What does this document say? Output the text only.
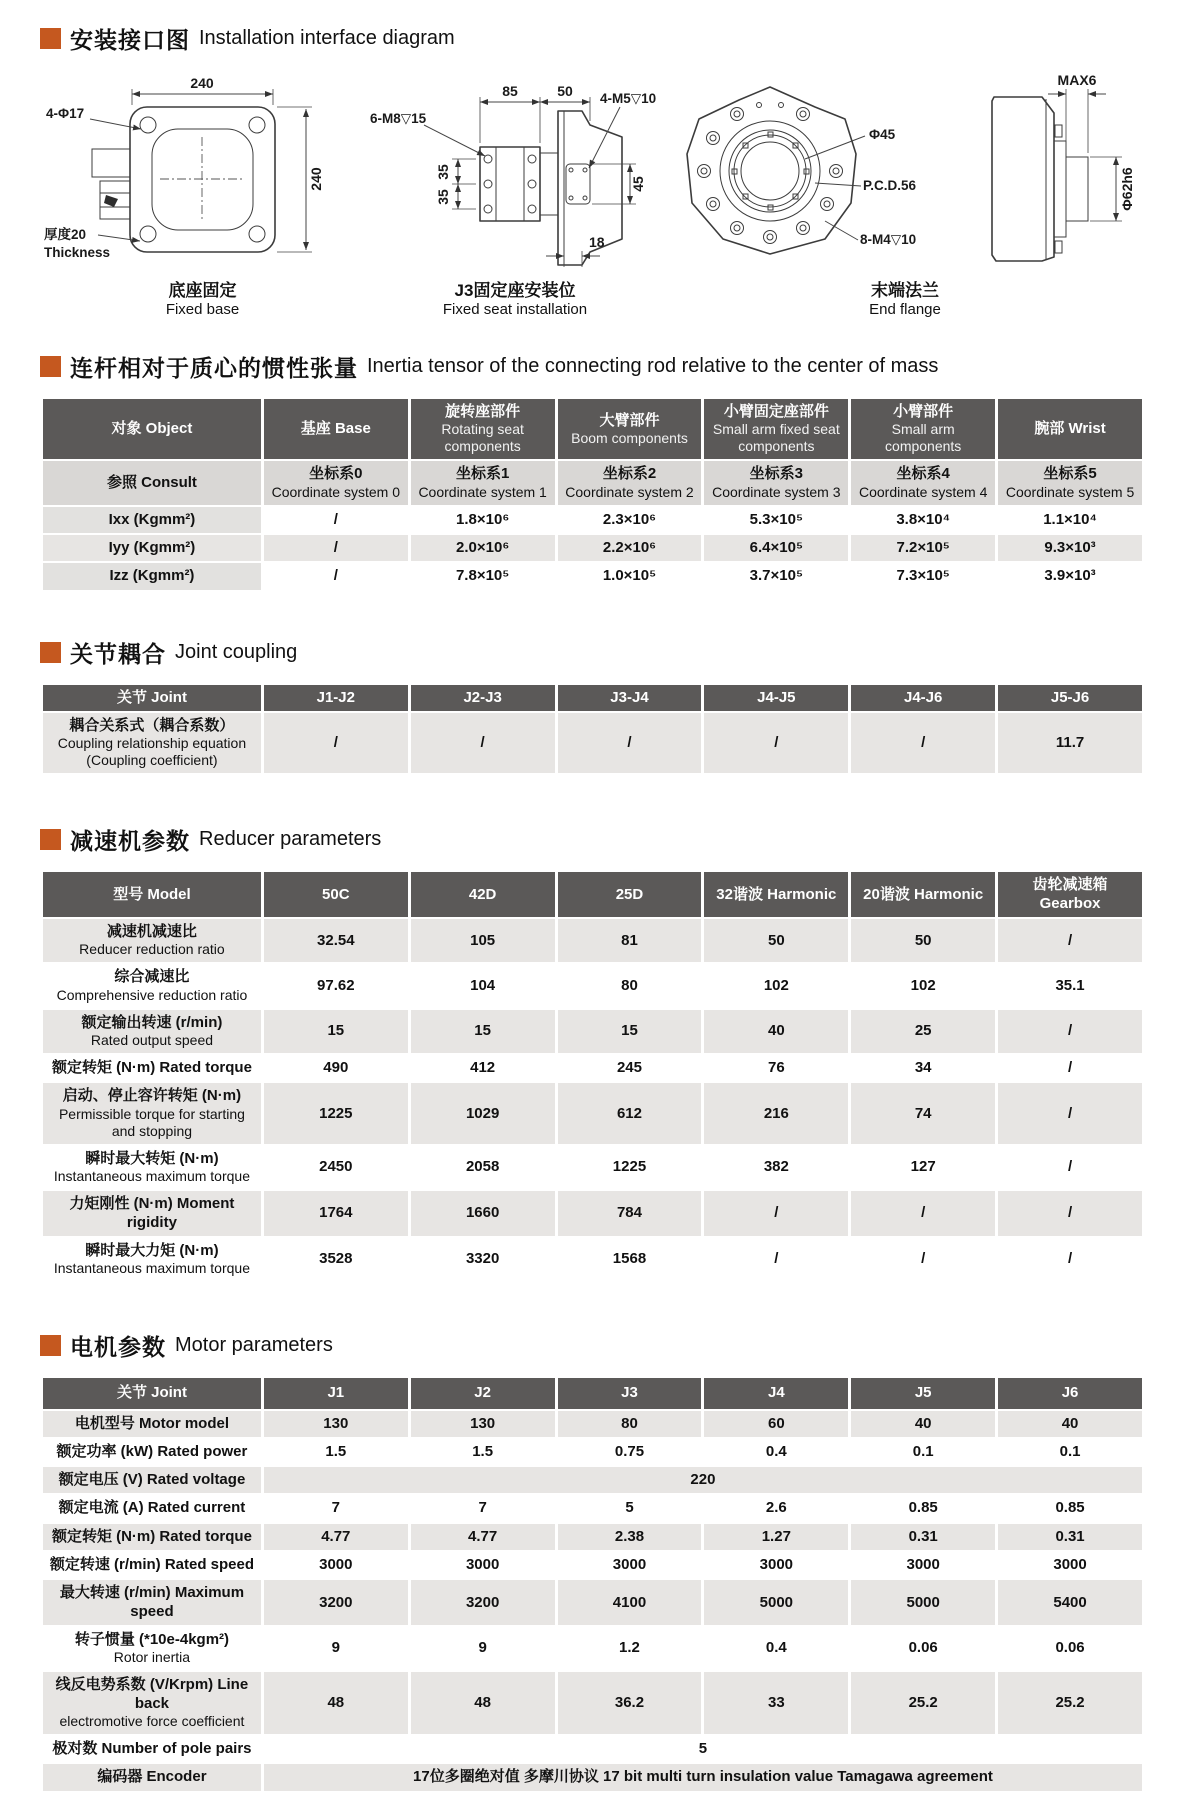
安装接口图 Installation interface diagram
240
240
4-Φ17
厚度20
Thickness
底座固定
Fixed base
85	50
6-M8▽15
4-M5▽10
35
35
45
18
J3固定座安装位
Fixed seat installation
Φ45
P.C.D.56
8-M4▽10
MAX6
Φ62h6
末端法兰
End flange
连杆相对于质心的惯性张量 Inertia tensor of the connecting rod relative to the center of mass
对象 Object	基座 Base	旋转座部件
Rotating seat
components	大臂部件
Boom components	小臂固定座部件
Small arm fixed seat
components	小臂部件
Small arm
components	腕部 Wrist

参照 Consult	坐标系0
Coordinate system 0	坐标系1
Coordinate system 1	坐标系2
Coordinate system 2	坐标系3
Coordinate system 3	坐标系4
Coordinate system 4	坐标系5
Coordinate system 5

Ixx (Kgmm²)	/	1.8×10⁶	2.3×10⁶	5.3×10⁵	3.8×10⁴	1.1×10⁴

Iyy (Kgmm²)	/	2.0×10⁶	2.2×10⁶	6.4×10⁵	7.2×10⁵	9.3×10³

Izz (Kgmm²)	/	7.8×10⁵	1.0×10⁵	3.7×10⁵	7.3×10⁵	3.9×10³
关节耦合 Joint coupling
关节 Joint	J1-J2	J2-J3	J3-J4	J4-J5	J4-J6	J5-J6

耦合关系式（耦合系数）
Coupling relationship equation
(Coupling coefficient)	/	/	/	/	/	11.7
减速机参数 Reducer parameters
型号 Model	50C	42D	25D	32谐波 Harmonic	20谐波 Harmonic	齿轮减速箱 Gearbox

减速机减速比
Reducer reduction ratio	32.54	105	81	50	50	/

综合减速比
Comprehensive reduction ratio	97.62	104	80	102	102	35.1

额定输出转速 (r/min)
Rated output speed	15	15	15	40	25	/

额定转矩 (N·m) Rated torque	490	412	245	76	34	/

启动、停止容许转矩 (N·m)
Permissible torque for starting
and stopping	1225	1029	612	216	74	/

瞬时最大转矩 (N·m)
Instantaneous maximum torque	2450	2058	1225	382	127	/

力矩刚性 (N·m) Moment rigidity	1764	1660	784	/	/	/

瞬时最大力矩 (N·m)
Instantaneous maximum torque	3528	3320	1568	/	/	/
电机参数 Motor parameters
关节 Joint	J1	J2	J3	J4	J5	J6

电机型号 Motor model	130	130	80	60	40	40

额定功率 (kW) Rated power	1.5	1.5	0.75	0.4	0.1	0.1

额定电压 (V) Rated voltage	220					

额定电流 (A) Rated current	7	7	5	2.6	0.85	0.85

额定转矩 (N·m) Rated torque	4.77	4.77	2.38	1.27	0.31	0.31

额定转速 (r/min) Rated speed	3000	3000	3000	3000	3000	3000

最大转速 (r/min) Maximum speed	3200	3200	4100	5000	5000	5400

转子惯量 (*10e-4kgm²)
Rotor inertia	9	9	1.2	0.4	0.06	0.06

线反电势系数 (V/Krpm) Line back
electromotive force coefficient	48	48	36.2	33	25.2	25.2

极对数 Number of pole pairs	5					

编码器 Encoder	17位多圈绝对值 多摩川协议 17 bit multi turn insulation value Tamagawa agreement					
